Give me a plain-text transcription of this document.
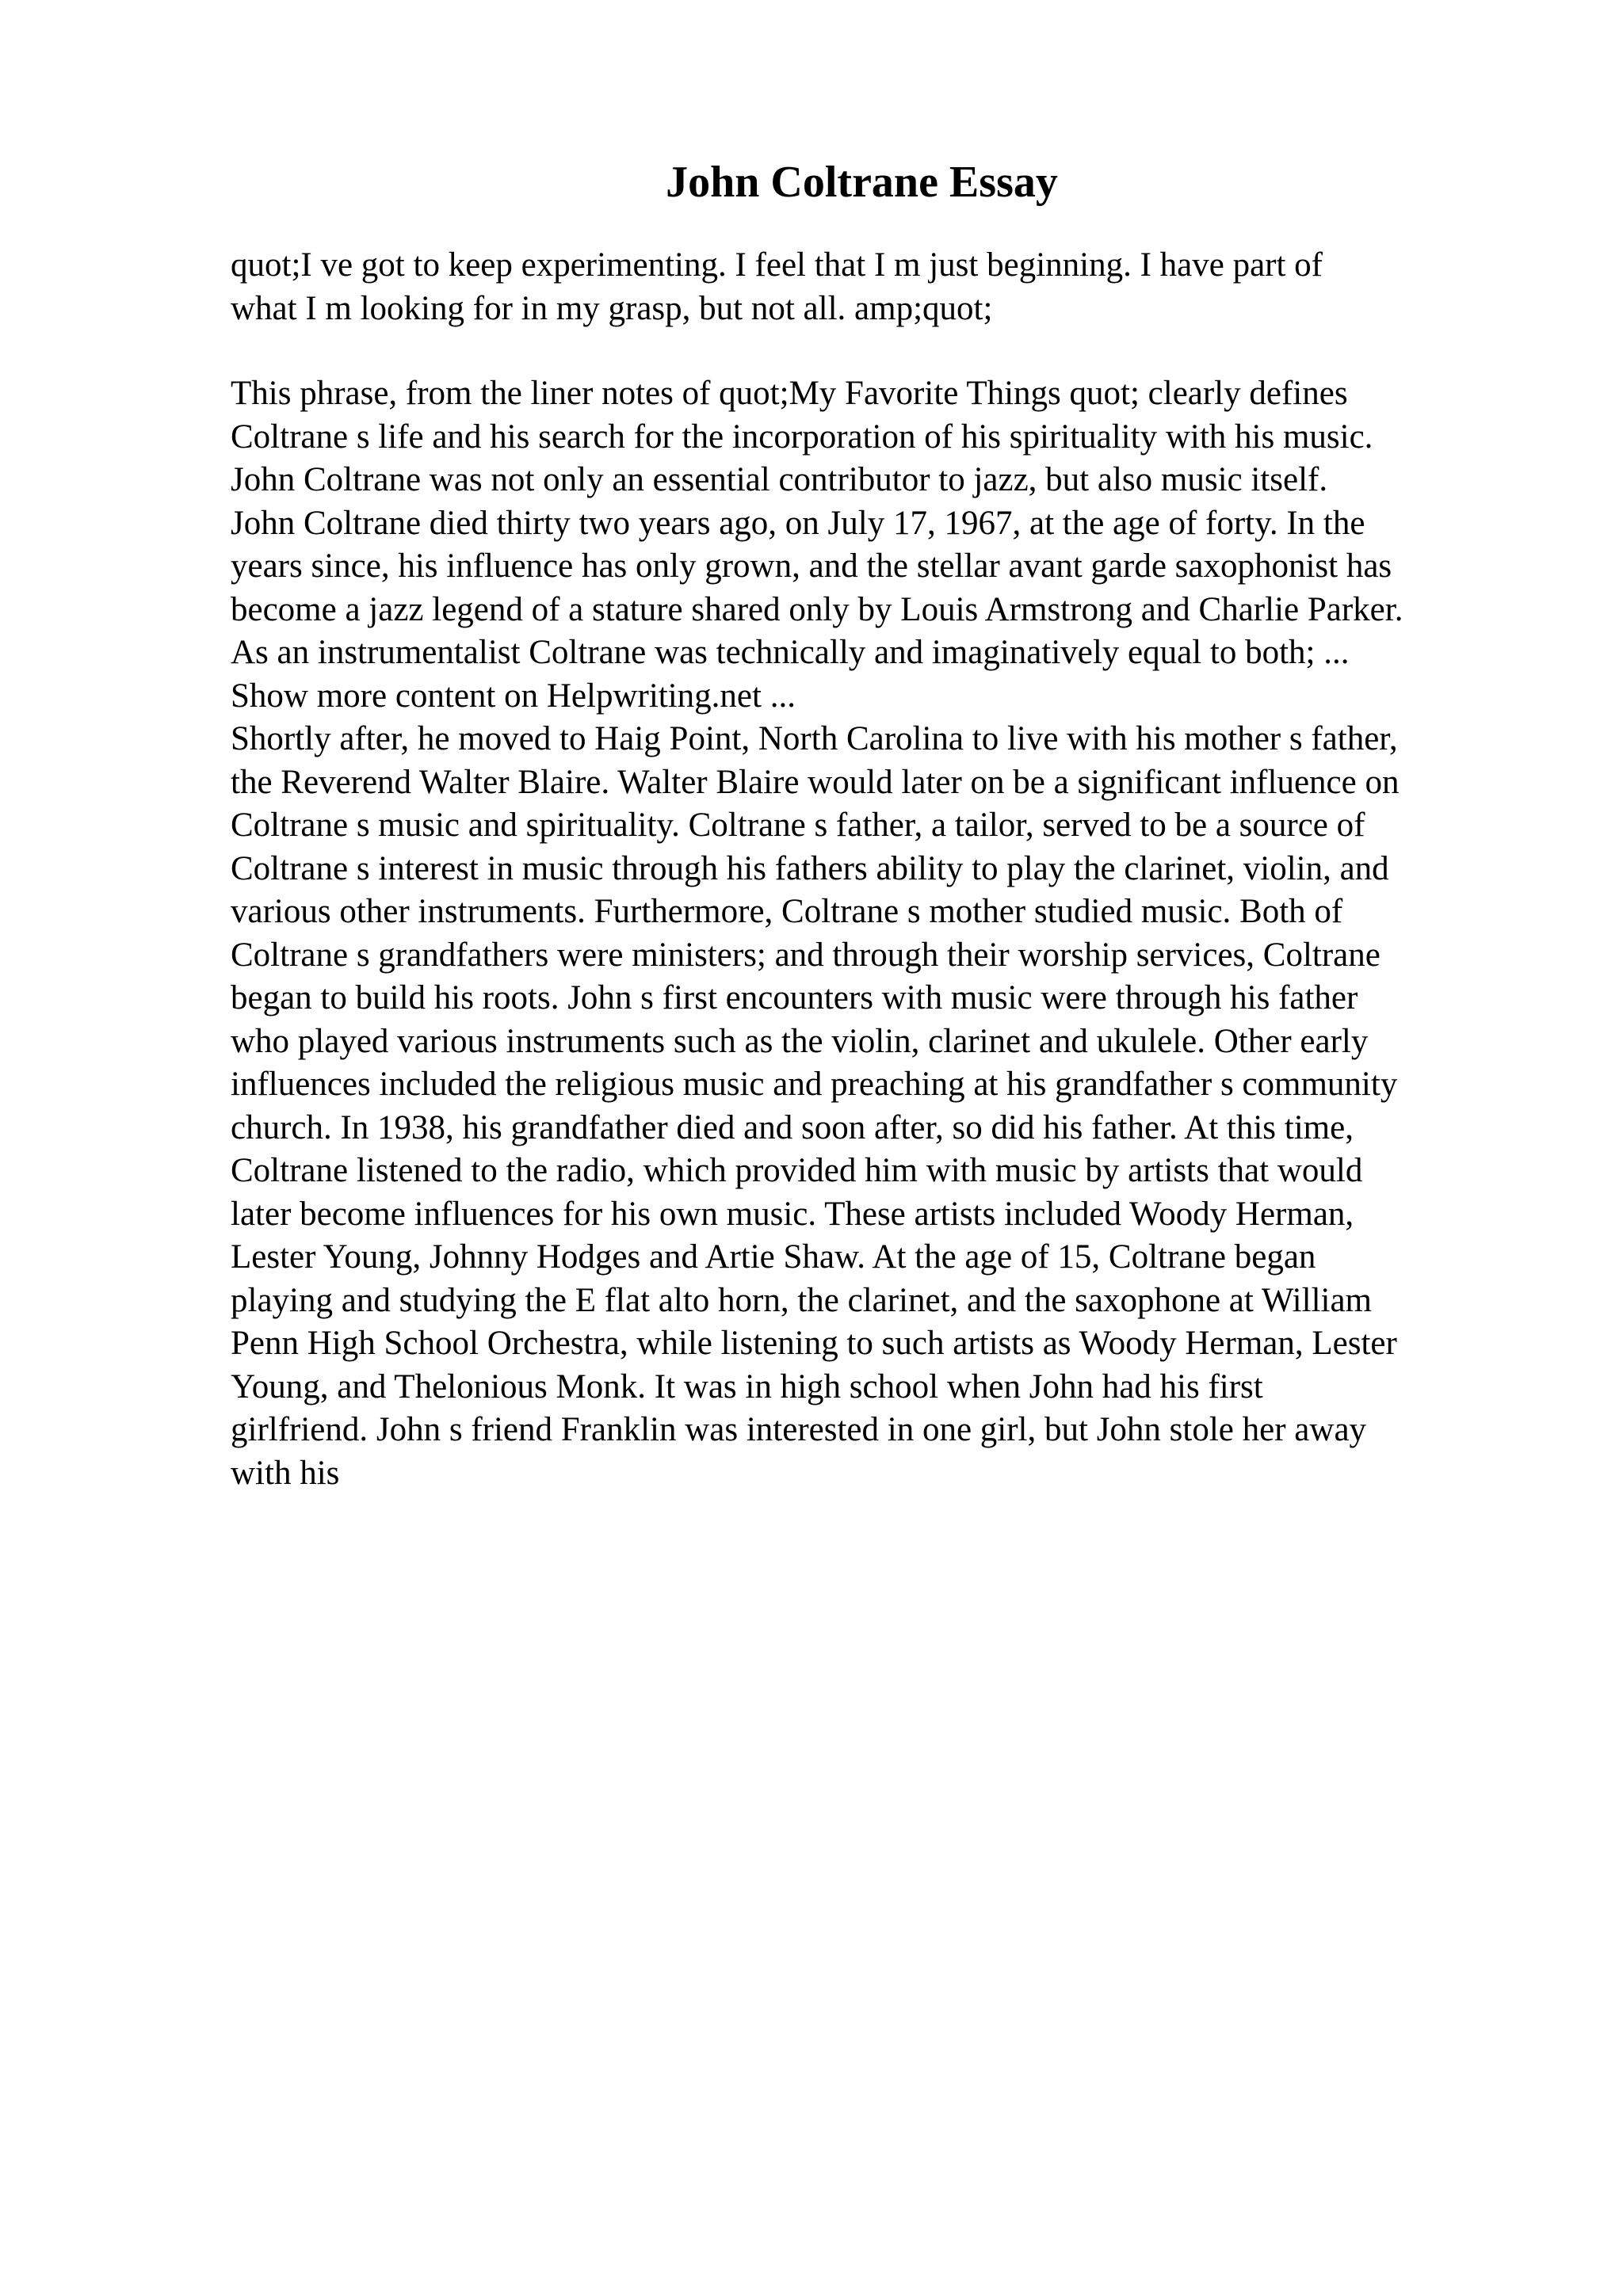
John Coltrane Essay
quot;I ve got to keep experimenting. I feel that I m just beginning. I have part of
what I m looking for in my grasp, but not all. amp;quot;
This phrase, from the liner notes of quot;My Favorite Things quot; clearly defines
Coltrane s life and his search for the incorporation of his spirituality with his music.
John Coltrane was not only an essential contributor to jazz, but also music itself.
John Coltrane died thirty two years ago, on July 17, 1967, at the age of forty. In the
years since, his influence has only grown, and the stellar avant garde saxophonist has
become a jazz legend of a stature shared only by Louis Armstrong and Charlie Parker.
As an instrumentalist Coltrane was technically and imaginatively equal to both; ...
Show more content on Helpwriting.net ...
Shortly after, he moved to Haig Point, North Carolina to live with his mother s father,
the Reverend Walter Blaire. Walter Blaire would later on be a significant influence on
Coltrane s music and spirituality. Coltrane s father, a tailor, served to be a source of
Coltrane s interest in music through his fathers ability to play the clarinet, violin, and
various other instruments. Furthermore, Coltrane s mother studied music. Both of
Coltrane s grandfathers were ministers; and through their worship services, Coltrane
began to build his roots. John s first encounters with music were through his father
who played various instruments such as the violin, clarinet and ukulele. Other early
influences included the religious music and preaching at his grandfather s community
church. In 1938, his grandfather died and soon after, so did his father. At this time,
Coltrane listened to the radio, which provided him with music by artists that would
later become influences for his own music. These artists included Woody Herman,
Lester Young, Johnny Hodges and Artie Shaw. At the age of 15, Coltrane began
playing and studying the E flat alto horn, the clarinet, and the saxophone at William
Penn High School Orchestra, while listening to such artists as Woody Herman, Lester
Young, and Thelonious Monk. It was in high school when John had his first
girlfriend. John s friend Franklin was interested in one girl, but John stole her away
with his
